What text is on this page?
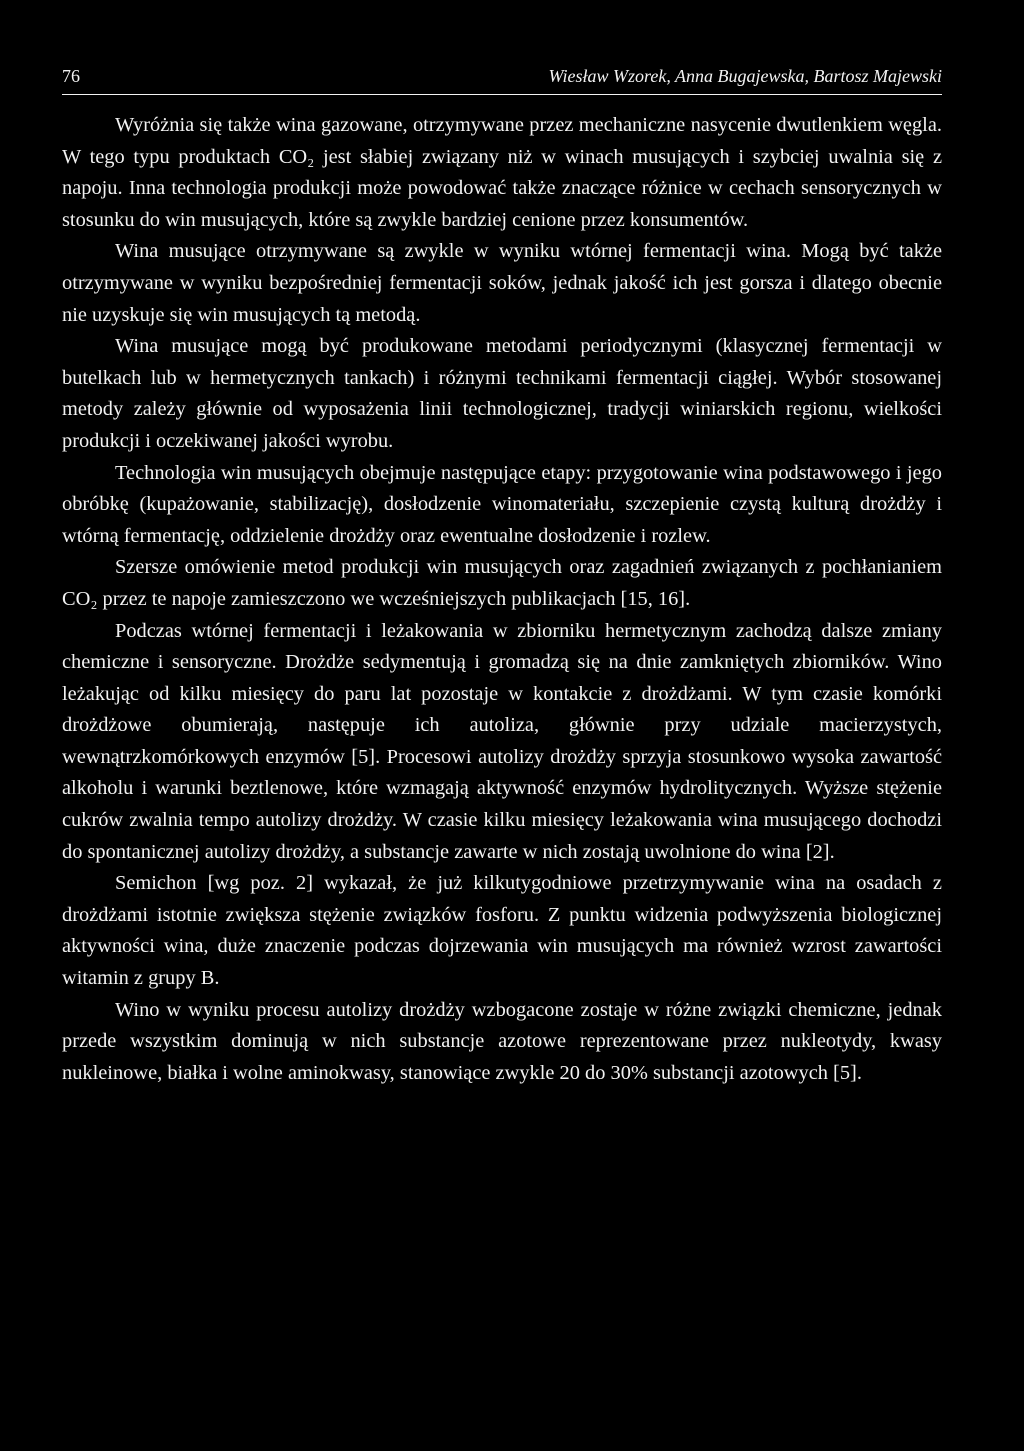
76	Wiesław Wzorek, Anna Bugajewska, Bartosz Majewski

Wyróżnia się także wina gazowane, otrzymywane przez mechaniczne nasycenie dwutlenkiem węgla. W tego typu produktach CO₂ jest słabiej związany niż w winach musujących i szybciej uwalnia się z napoju. Inna technologia produkcji może powodować także znaczące różnice w cechach sensorycznych w stosunku do win musujących, które są zwykle bardziej cenione przez konsumentów.

Wina musujące otrzymywane są zwykle w wyniku wtórnej fermentacji wina. Mogą być także otrzymywane w wyniku bezpośredniej fermentacji soków, jednak jakość ich jest gorsza i dlatego obecnie nie uzyskuje się win musujących tą metodą.

Wina musujące mogą być produkowane metodami periodycznymi (klasycznej fermentacji w butelkach lub w hermetycznych tankach) i różnymi technikami fermentacji ciągłej. Wybór stosowanej metody zależy głównie od wyposażenia linii technologicznej, tradycji winiarskich regionu, wielkości produkcji i oczekiwanej jakości wyrobu.

Technologia win musujących obejmuje następujące etapy: przygotowanie wina podstawowego i jego obróbkę (kupażowanie, stabilizację), dosłodzenie winomateriału, szczepienie czystą kulturą drożdży i wtórną fermentację, oddzielenie drożdży oraz ewentualne dosłodzenie i rozlew.

Szersze omówienie metod produkcji win musujących oraz zagadnień związanych z pochłanianiem CO₂ przez te napoje zamieszczono we wcześniejszych publikacjach [15, 16].

Podczas wtórnej fermentacji i leżakowania w zbiorniku hermetycznym zachodzą dalsze zmiany chemiczne i sensoryczne. Drożdże sedymentują i gromadzą się na dnie zamkniętych zbiorników. Wino leżakując od kilku miesięcy do paru lat pozostaje w kontakcie z drożdżami. W tym czasie komórki drożdżowe obumierają, następuje ich autoliza, głównie przy udziale macierzystych, wewnątrzkomórkowych enzymów [5]. Procesowi autolizy drożdży sprzyja stosunkowo wysoka zawartość alkoholu i warunki beztlenowe, które wzmagają aktywność enzymów hydrolitycznych. Wyższe stężenie cukrów zwalnia tempo autolizy drożdży. W czasie kilku miesięcy leżakowania wina musującego dochodzi do spontanicznej autolizy drożdży, a substancje zawarte w nich zostają uwolnione do wina [2].

Semichon [wg poz. 2] wykazał, że już kilkutygodniowe przetrzymywanie wina na osadach z drożdżami istotnie zwiększa stężenie związków fosforu. Z punktu widzenia podwyższenia biologicznej aktywności wina, duże znaczenie podczas dojrzewania win musujących ma również wzrost zawartości witamin z grupy B.

Wino w wyniku procesu autolizy drożdży wzbogacone zostaje w różne związki chemiczne, jednak przede wszystkim dominują w nich substancje azotowe reprezentowane przez nukleotydy, kwasy nukleinowe, białka i wolne aminokwasy, stanowiące zwykle 20 do 30% substancji azotowych [5].
